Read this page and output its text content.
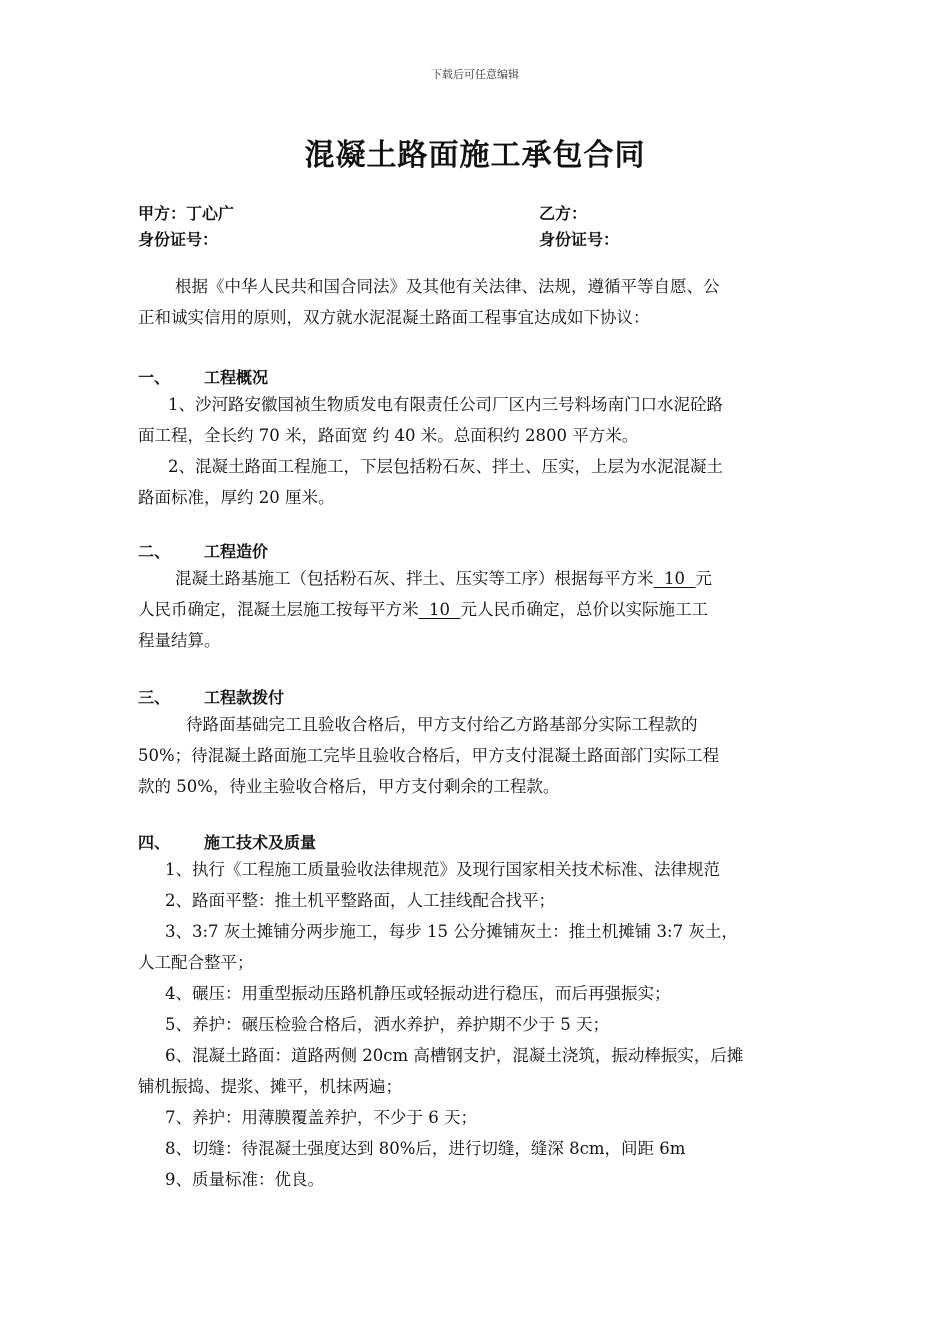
下载后可任意编辑
混凝土路面施工承包合同
甲方：丁心广	乙方：
身份证号：	身份证号：
根据《中华人民共和国合同法》及其他有关法律、法规，遵循平等自愿、公
正和诚实信用的原则，双方就水泥混凝土路面工程事宜达成如下协议：
一、 工程概况
1、沙河路安徽国祯生物质发电有限责任公司厂区内三号料场南门口水泥砼路
面工程，全长约 70 米，路面宽 约 40 米。总面积约 2800 平方米。
2、混凝土路面工程施工，下层包括粉石灰、拌土、压实，上层为水泥混凝土
路面标准，厚约 20 厘米。
二、 工程造价
混凝土路基施工（包括粉石灰、拌土、压实等工序）根据每平方米  10  元
人民币确定，混凝土层施工按每平方米  10  元人民币确定，总价以实际施工工
程量结算。
三、 工程款拨付
待路面基础完工且验收合格后，甲方支付给乙方路基部分实际工程款的
50%；待混凝土路面施工完毕且验收合格后，甲方支付混凝土路面部门实际工程
款的 50%，待业主验收合格后，甲方支付剩余的工程款。
四、 施工技术及质量
1、执行《工程施工质量验收法律规范》及现行国家相关技术标准、法律规范
2、路面平整：推土机平整路面，人工挂线配合找平；
3、3:7 灰土摊铺分两步施工，每步 15 公分摊铺灰土：推土机摊铺 3:7 灰土，
人工配合整平；
4、碾压：用重型振动压路机静压或轻振动进行稳压，而后再强振实；
5、养护：碾压检验合格后，洒水养护，养护期不少于 5 天；
6、混凝土路面：道路两侧 20cm 高槽钢支护，混凝土浇筑，振动棒振实，后摊
铺机振捣、提浆、摊平，机抹两遍；
7、养护：用薄膜覆盖养护，不少于 6 天；
8、切缝：待混凝土强度达到 80%后，进行切缝，缝深 8cm，间距 6m
9、质量标准：优良。
